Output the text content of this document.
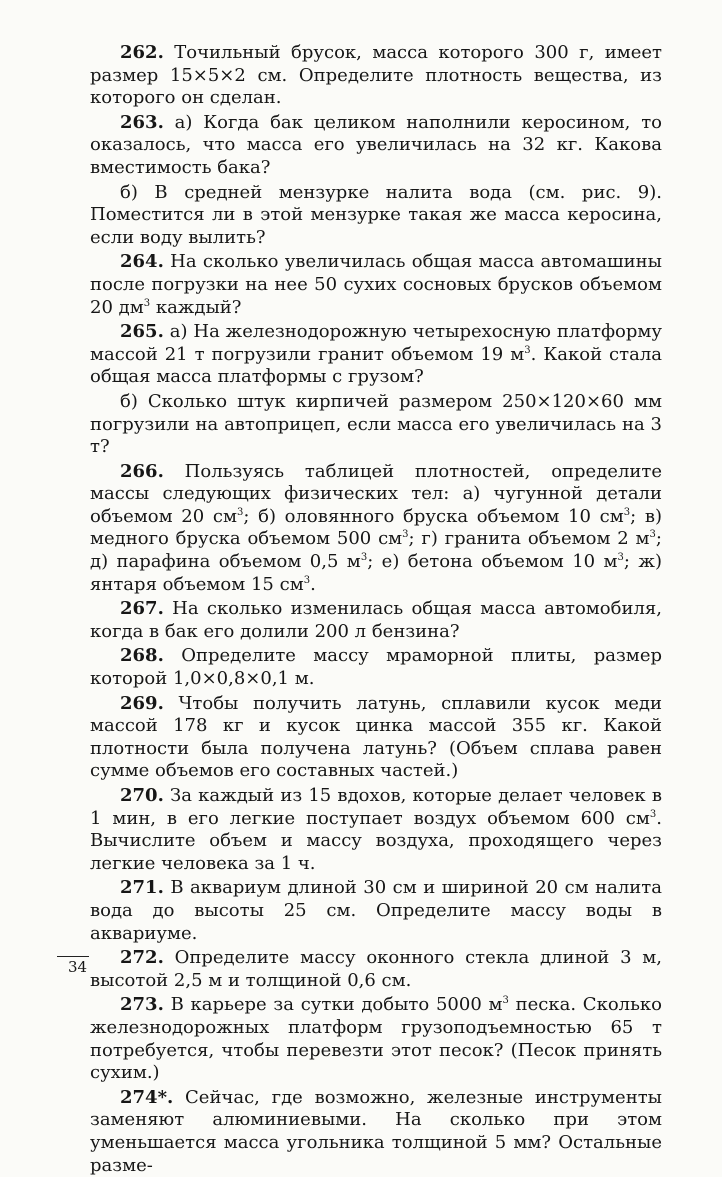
262. Точильный брусок, масса которого 300 г, имеет размер 15×5×2 см. Определите плотность вещества, из которого он сделан.

263. а) Когда бак целиком наполнили керосином, то оказалось, что масса его увеличилась на 32 кг. Какова вместимость бака?

б) В средней мензурке налита вода (см. рис. 9). Поместится ли в этой мензурке такая же масса керосина, если воду вылить?

264. На сколько увеличилась общая масса автомашины после погрузки на нее 50 сухих сосновых брусков объемом 20 $дм^3$ каждый?

265. а) На железнодорожную четырехосную платформу массой 21 т погрузили гранит объемом 19 $м^3$. Какой стала общая масса платформы с грузом?

б) Сколько штук кирпичей размером 250×120×60 мм погрузили на автоприцеп, если масса его увеличилась на 3 т?

266. Пользуясь таблицей плотностей, определите массы следующих физических тел: а) чугунной детали объемом 20 $см^3$; б) оловянного бруска объемом 10 $см^3$; в) медного бруска объемом 500 $см^3$; г) гранита объемом 2 $м^3$; д) парафина объемом 0,5 $м^3$; е) бетона объемом 10 $м^3$; ж) янтаря объемом 15 $см^3$.

267. На сколько изменилась общая масса автомобиля, когда в бак его долили 200 л бензина?

268. Определите массу мраморной плиты, размер которой 1,0×0,8×0,1 м.

269. Чтобы получить латунь, сплавили кусок меди массой 178 кг и кусок цинка массой 355 кг. Какой плотности была получена латунь? (Объем сплава равен сумме объемов его составных частей.)

270. За каждый из 15 вдохов, которые делает человек в 1 мин, в его легкие поступает воздух объемом 600 $см^3$. Вычислите объем и массу воздуха, проходящего через легкие человека за 1 ч.

271. В аквариум длиной 30 см и шириной 20 см налита вода до высоты 25 см. Определите массу воды в аквариуме.

272. Определите массу оконного стекла длиной 3 м, высотой 2,5 м и толщиной 0,6 см.

273. В карьере за сутки добыто 5000 $м^3$ песка. Сколько железнодорожных платформ грузоподъемностью 65 т потребуется, чтобы перевезти этот песок? (Песок принять сухим.)

274*. Сейчас, где возможно, железные инструменты заменяют алюминиевыми. На сколько при этом уменьшается масса угольника толщиной 5 мм? Остальные разме-

34
